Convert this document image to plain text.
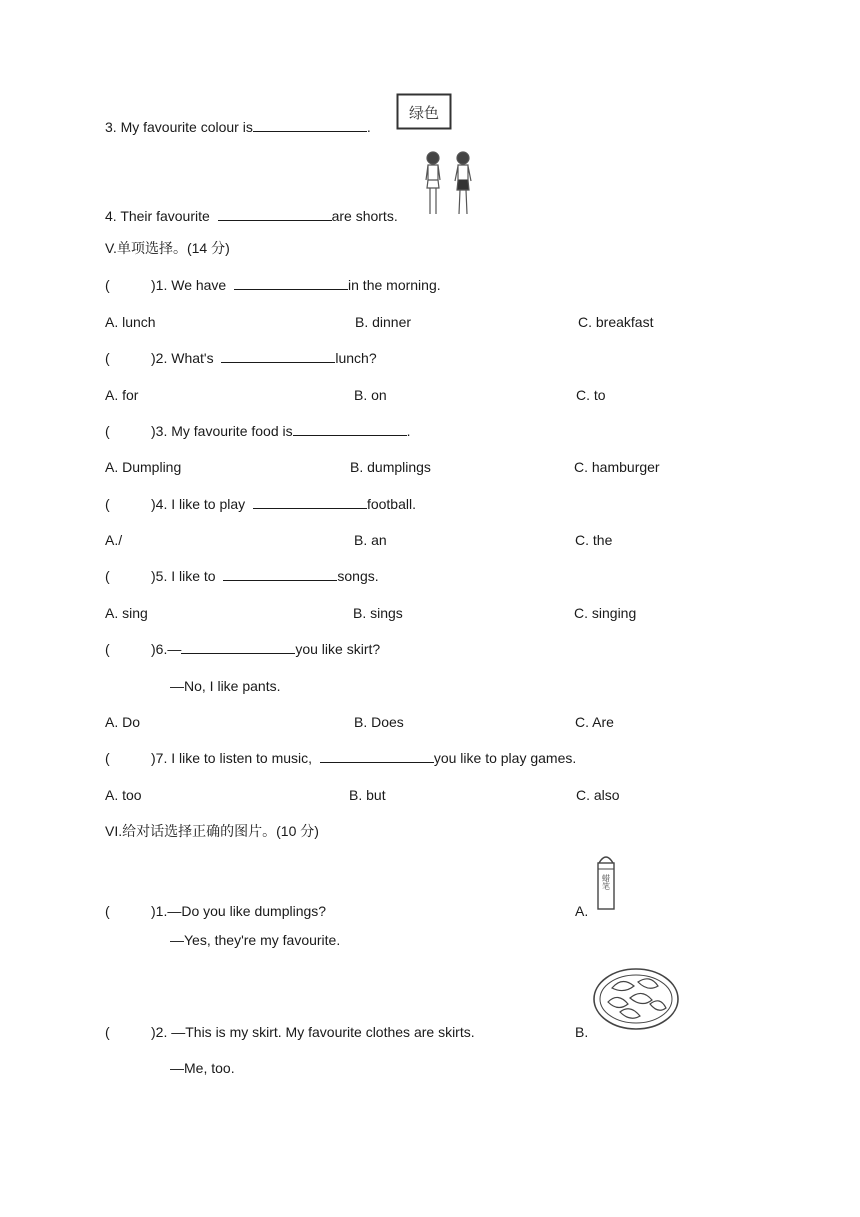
3. My favourite colour is	.
绿色
4. Their favourite	are shorts.
V.单项选择。(14 分)
(	)1. We have	in the morning.
A. lunch	B. dinner	C. breakfast
(	)2. What's	lunch?
A. for	B. on	C. to
(	)3. My favourite food is	.
A. Dumpling	B. dumplings	C. hamburger
(	)4. I like to play	football.
A./	B. an	C. the
(	)5. I like to	songs.
A. sing	B. sings	C. singing
(	)6.—	you like skirt?
—No, I like pants.
A. Do	B. Does	C. Are
(	)7. I like to listen to music,	you like to play games.
A. too	B. but	C. also
VI.给对话选择正确的图片。(10 分)
(	)1.—Do you like dumplings?
—Yes, they're my favourite.
A.
蜡笔
(	)2. —This is my skirt. My favourite clothes are skirts.
—Me, too.
B.
